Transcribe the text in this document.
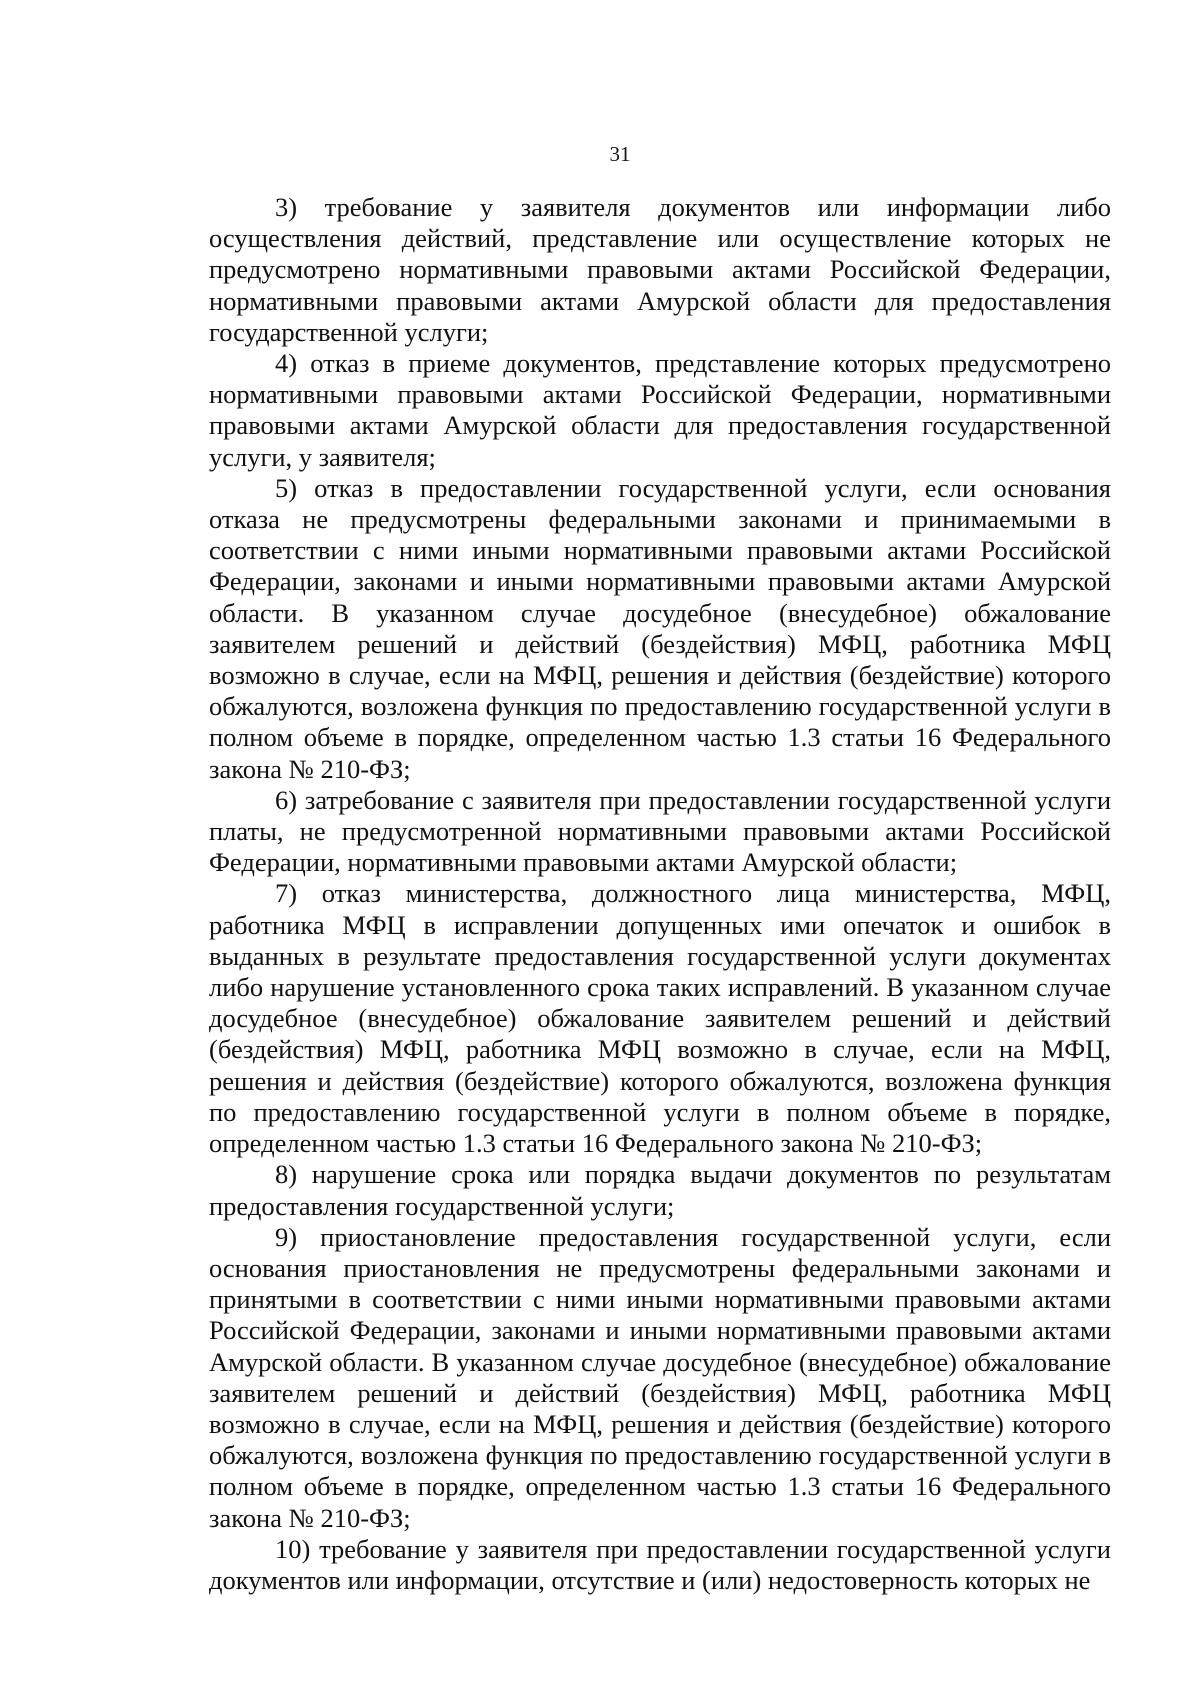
31

3) требование у заявителя документов или информации либо осуществления действий, представление или осуществление которых не предусмотрено нормативными правовыми актами Российской Федерации, нормативными правовыми актами Амурской области для предоставления государственной услуги;

4) отказ в приеме документов, представление которых предусмотрено нормативными правовыми актами Российской Федерации, нормативными правовыми актами Амурской области для предоставления государственной услуги, у заявителя;

5) отказ в предоставлении государственной услуги, если основания отказа не предусмотрены федеральными законами и принимаемыми в соответствии с ними иными нормативными правовыми актами Российской Федерации, законами и иными нормативными правовыми актами Амурской области. В указанном случае досудебное (внесудебное) обжалование заявителем решений и действий (бездействия) МФЦ, работника МФЦ возможно в случае, если на МФЦ, решения и действия (бездействие) которого обжалуются, возложена функция по предоставлению государственной услуги в полном объеме в порядке, определенном частью 1.3 статьи 16 Федерального закона № 210-ФЗ;

6) затребование с заявителя при предоставлении государственной услуги платы, не предусмотренной нормативными правовыми актами Российской Федерации, нормативными правовыми актами Амурской области;

7) отказ министерства, должностного лица министерства, МФЦ, работника МФЦ в исправлении допущенных ими опечаток и ошибок в выданных в результате предоставления государственной услуги документах либо нарушение установленного срока таких исправлений. В указанном случае досудебное (внесудебное) обжалование заявителем решений и действий (бездействия) МФЦ, работника МФЦ возможно в случае, если на МФЦ, решения и действия (бездействие) которого обжалуются, возложена функция по предоставлению государственной услуги в полном объеме в порядке, определенном частью 1.3 статьи 16 Федерального закона № 210-ФЗ;

8) нарушение срока или порядка выдачи документов по результатам предоставления государственной услуги;

9) приостановление предоставления государственной услуги, если основания приостановления не предусмотрены федеральными законами и принятыми в соответствии с ними иными нормативными правовыми актами Российской Федерации, законами и иными нормативными правовыми актами Амурской области. В указанном случае досудебное (внесудебное) обжалование заявителем решений и действий (бездействия) МФЦ, работника МФЦ возможно в случае, если на МФЦ, решения и действия (бездействие) которого обжалуются, возложена функция по предоставлению государственной услуги в полном объеме в порядке, определенном частью 1.3 статьи 16 Федерального закона № 210-ФЗ;

10) требование у заявителя при предоставлении государственной услуги документов или информации, отсутствие и (или) недостоверность которых не
